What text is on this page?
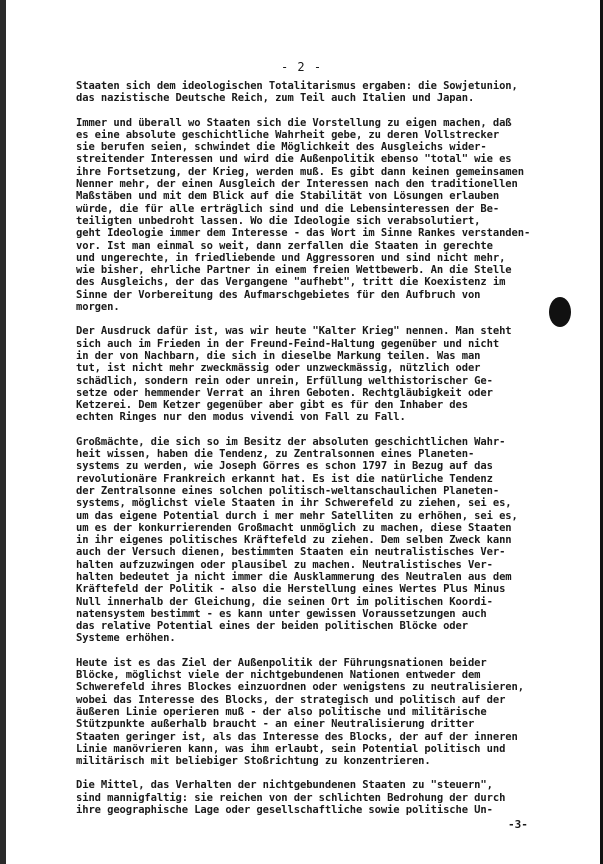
- 2 -
Staaten sich dem ideologischen Totalitarismus ergaben: die Sowjetunion,
das nazistische Deutsche Reich, zum Teil auch Italien und Japan.
Immer und überall wo Staaten sich die Vorstellung zu eigen machen, daß
es eine absolute geschichtliche Wahrheit gebe, zu deren Vollstrecker
sie berufen seien, schwindet die Möglichkeit des Ausgleichs wider-
streitender Interessen und wird die Außenpolitik ebenso "total" wie es
ihre Fortsetzung, der Krieg, werden muß. Es gibt dann keinen gemeinsamen
Nenner mehr, der einen Ausgleich der Interessen nach den traditionellen
Maßstäben und mit dem Blick auf die Stabilität von Lösungen erlauben
würde, die für alle erträglich sind und die Lebensinteressen der Be-
teiligten unbedroht lassen. Wo die Ideologie sich verabsolutiert,
geht Ideologie immer dem Interesse - das Wort im Sinne Rankes verstanden-
vor. Ist man einmal so weit, dann zerfallen die Staaten in gerechte
und ungerechte, in friedliebende und Aggressoren und sind nicht mehr,
wie bisher, ehrliche Partner in einem freien Wettbewerb. An die Stelle
des Ausgleichs, der das Vergangene "aufhebt", tritt die Koexistenz im
Sinne der Vorbereitung des Aufmarschgebietes für den Aufbruch von
morgen.
Der Ausdruck dafür ist, was wir heute "Kalter Krieg" nennen. Man steht
sich auch im Frieden in der Freund-Feind-Haltung gegenüber und nicht
in der von Nachbarn, die sich in dieselbe Markung teilen. Was man
tut, ist nicht mehr zweckmässig oder unzweckmässig, nützlich oder
schädlich, sondern rein oder unrein, Erfüllung welthistorischer Ge-
setze oder hemmender Verrat an ihren Geboten. Rechtgläubigkeit oder
Ketzerei. Dem Ketzer gegenüber aber gibt es für den Inhaber des
echten Ringes nur den modus vivendi von Fall zu Fall.
Großmächte, die sich so im Besitz der absoluten geschichtlichen Wahr-
heit wissen, haben die Tendenz, zu Zentralsonnen eines Planeten-
systems zu werden, wie Joseph Görres es schon 1797 in Bezug auf das
revolutionäre Frankreich erkannt hat. Es ist die natürliche Tendenz
der Zentralsonne eines solchen politisch-weltanschaulichen Planeten-
systems, möglichst viele Staaten in ihr Schwerefeld zu ziehen, sei es,
um das eigene Potential durch i mer mehr Satelliten zu erhöhen, sei es,
um es der konkurrierenden Großmacht unmöglich zu machen, diese Staaten
in ihr eigenes politisches Kräftefeld zu ziehen. Dem selben Zweck kann
auch der Versuch dienen, bestimmten Staaten ein neutralistisches Ver-
halten aufzuzwingen oder plausibel zu machen. Neutralistisches Ver-
halten bedeutet ja nicht immer die Ausklammerung des Neutralen aus dem
Kräftefeld der Politik - also die Herstellung eines Wertes Plus Minus
Null innerhalb der Gleichung, die seinen Ort im politischen Koordi-
natensystem bestimmt - es kann unter gewissen Voraussetzungen auch
das relative Potential eines der beiden politischen Blöcke oder
Systeme erhöhen.
Heute ist es das Ziel der Außenpolitik der Führungsnationen beider
Blöcke, möglichst viele der nichtgebundenen Nationen entweder dem
Schwerefeld ihres Blockes einzuordnen oder wenigstens zu neutralisieren,
wobei das Interesse des Blocks, der strategisch und politisch auf der
äußeren Linie operieren muß - der also politische und militärische
Stützpunkte außerhalb braucht - an einer Neutralisierung dritter
Staaten geringer ist, als das Interesse des Blocks, der auf der inneren
Linie manövrieren kann, was ihm erlaubt, sein Potential politisch und
militärisch mit beliebiger Stoßrichtung zu konzentrieren.
Die Mittel, das Verhalten der nichtgebundenen Staaten zu "steuern",
sind mannigfaltig: sie reichen von der schlichten Bedrohung der durch
ihre geographische Lage oder gesellschaftliche sowie politische Un-
-3-
